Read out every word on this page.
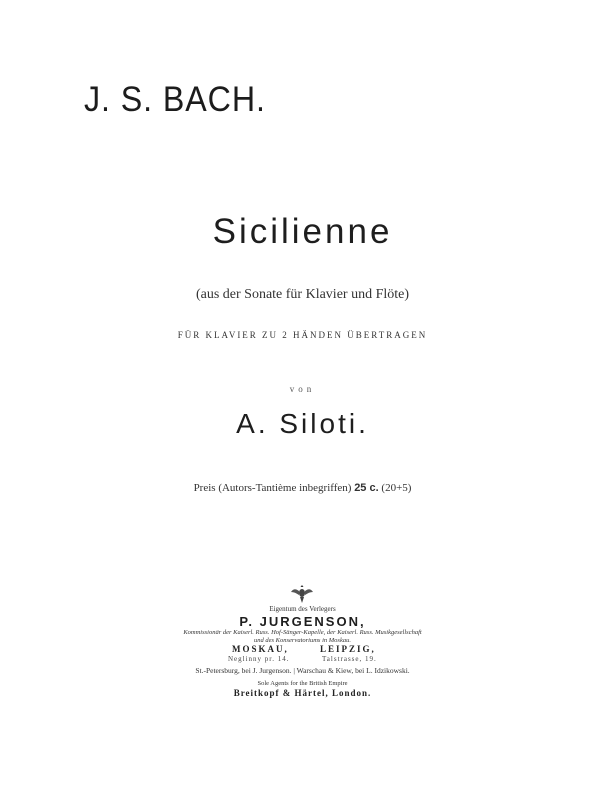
J. S. BACH.
Sicilienne
(aus der Sonate für Klavier und Flöte)
FÜR KLAVIER ZU 2 HÄNDEN ÜBERTRAGEN
von
A. Siloti.
Preis (Autors-Tantième inbegriffen) 25 c. (20+5)
Eigentum des Verlegers
P. JURGENSON,
Kommissionär der Kaiserl. Russ. Hof-Sänger-Kapelle, der Kaiserl. Russ. Musikgesellschaft
und des Konservatoriums in Moskau.
MOSKAU,	LEIPZIG,
Neglinny pr. 14.	Talstrasse, 19.
St.-Petersburg, bei J. Jurgenson. | Warschau & Kiew, bei L. Idzikowski.
Sole Agents for the British Empire
Breitkopf & Härtel, London.
